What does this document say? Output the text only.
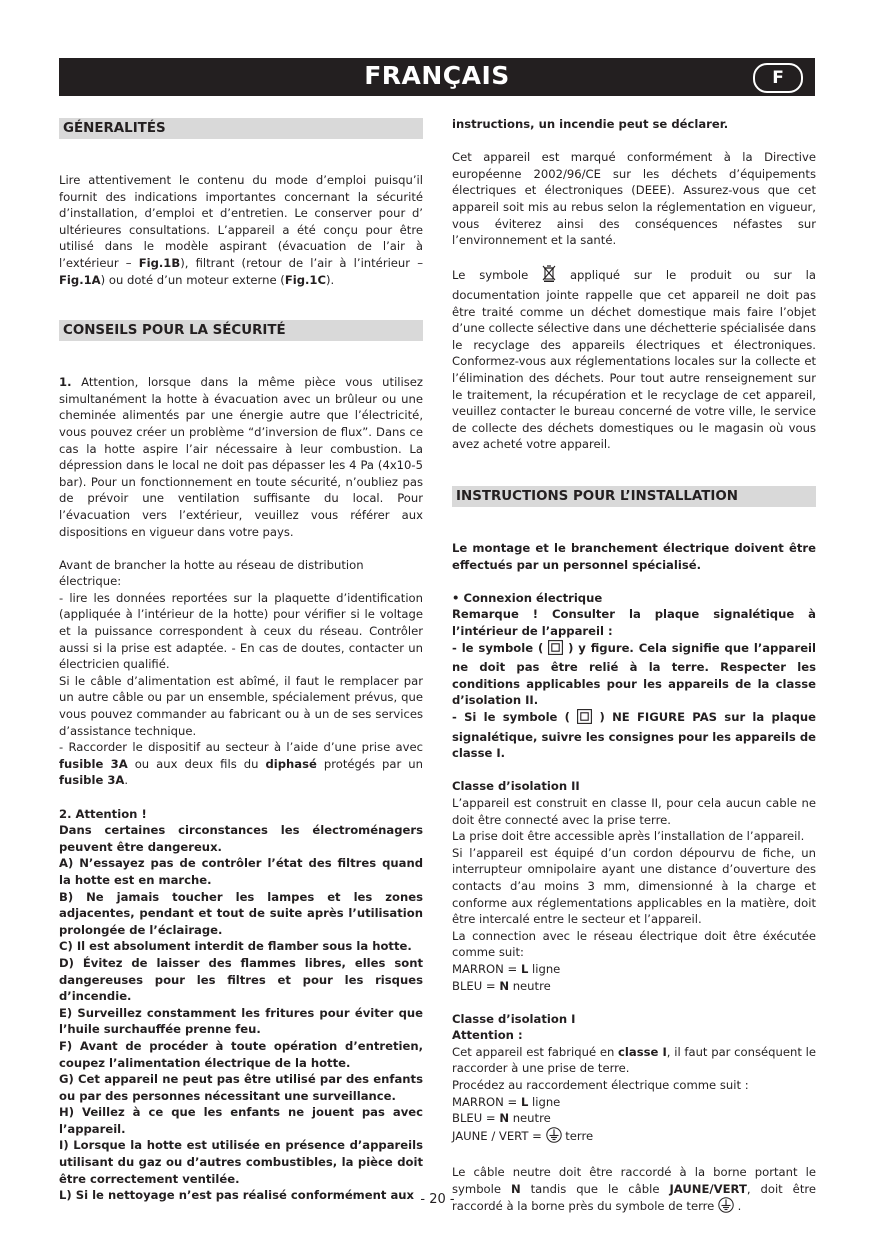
FRANÇAIS	F
GÉNERALITÉS

Lire attentivement le contenu du mode d’emploi puisqu’il fournit des indications importantes concernant la sécurité d’installation, d’emploi et d’entretien. Le conserver pour d’ ultérieures consultations. L’appareil a été conçu pour être utilisé dans le modèle aspirant (évacuation de l’air à l’extérieur – Fig.1B), filtrant (retour de l’air à l’intérieur – Fig.1A) ou doté d’un moteur externe (Fig.1C).

CONSEILS POUR LA SÉCURITÉ

1. Attention, lorsque dans la même pièce vous utilisez simultanément la hotte à évacuation avec un brûleur ou une cheminée alimentés par une énergie autre que l’électricité, vous pouvez créer un problème “d’inversion de flux”. Dans ce cas la hotte aspire l’air nécessaire à leur combustion. La dépression dans le local ne doit pas dépasser les 4 Pa (4x10-5 bar). Pour un fonctionnement en toute sécurité, n’oubliez pas de prévoir une ventilation suffisante du local. Pour l’évacuation vers l’extérieur, veuillez vous référer aux dispositions en vigueur dans votre pays.

Avant de brancher la hotte au réseau de distribution électrique:

- lire les données reportées sur la plaquette d’identification (appliquée à l’intérieur de la hotte) pour vérifier si le voltage et la puissance correspondent à ceux du réseau. Contrôler aussi si la prise est adaptée. - En cas de doutes, contacter un électricien qualifié.

Si le câble d’alimentation est abîmé, il faut le remplacer par un autre câble ou par un ensemble, spécialement prévus, que vous pouvez commander au fabricant ou à un de ses services d’assistance technique.

- Raccorder le dispositif au secteur à l’aide d’une prise avec fusible 3A ou aux deux fils du diphasé protégés par un fusible 3A.

2. Attention !

Dans certaines circonstances les électroménagers peuvent être dangereux.

A) N’essayez pas de contrôler l’état des filtres quand la hotte est en marche.

B) Ne jamais toucher les lampes et les zones adjacentes, pendant et tout de suite après l’utilisation prolongée de l’éclairage.

C) Il est absolument interdit de flamber sous la hotte.

D) Évitez de laisser des flammes libres, elles sont dangereuses pour les filtres et pour les risques d’incendie.

E) Surveillez constamment les fritures pour éviter que l’huile surchauffée prenne feu.

F) Avant de procéder à toute opération d’entretien, coupez l’alimentation électrique de la hotte.

G) Cet appareil ne peut pas être utilisé par des enfants ou par des personnes nécessitant une surveillance.

H) Veillez à ce que les enfants ne jouent pas avec l’appareil.

I) Lorsque la hotte est utilisée en présence d’appareils utilisant du gaz ou d’autres combustibles, la pièce doit être correctement ventilée.

L) Si le nettoyage n’est pas réalisé conformément aux

instructions, un incendie peut se déclarer.

Cet appareil est marqué conformément à la Directive européenne 2002/96/CE sur les déchets d’équipements électriques et électroniques (DEEE). Assurez-vous que cet appareil soit mis au rebus selon la réglementation en vigueur, vous éviterez ainsi des conséquences néfastes sur l’environnement et la santé.

Le symbole  appliqué sur le produit ou sur la documentation jointe rappelle que cet appareil ne doit pas être traité comme un déchet domestique mais faire l’objet d’une collecte sélective dans une déchetterie spécialisée dans le recyclage des appareils électriques et électroniques. Conformez-vous aux réglementations locales sur la collecte et l’élimination des déchets. Pour tout autre renseignement sur le traitement, la récupération et le recyclage de cet appareil, veuillez contacter le bureau concerné de votre ville, le service de collecte des déchets domestiques ou le magasin où vous avez acheté votre appareil.

INSTRUCTIONS POUR L’INSTALLATION

Le montage et le branchement électrique doivent être effectués par un personnel spécialisé.

• Connexion électrique

Remarque ! Consulter la plaque signalétique à l’intérieur de l’appareil :

- le symbole (  ) y figure. Cela signifie que l’appareil ne doit pas être relié à la terre. Respecter les conditions applicables pour les appareils de la classe d’isolation II.

- Si le symbole (  ) NE FIGURE PAS sur la plaque signalétique, suivre les consignes pour les appareils de classe I.

Classe d’isolation II

L’appareil est construit en classe II, pour cela aucun cable ne doit être connecté avec la prise terre.

La prise doit être accessible après l’installation de l’appareil.

Si l’appareil est équipé d’un cordon dépourvu de fiche, un interrupteur omnipolaire ayant une distance d’ouverture des contacts d’au moins 3 mm, dimensionné à la charge et conforme aux réglementations applicables en la matière, doit être intercalé entre le secteur et l’appareil.

La connection avec le réseau électrique doit être éxécutée comme suit:

MARRON = L ligne

BLEU = N neutre

Classe d’isolation I

Attention :

Cet appareil est fabriqué en classe I, il faut par conséquent le raccorder à une prise de terre.

Procédez au raccordement électrique comme suit :

MARRON = L ligne

BLEU = N neutre

JAUNE / VERT =  terre

Le câble neutre doit être raccordé à la borne portant le symbole N tandis que le câble JAUNE/VERT, doit être raccordé à la borne près du symbole de terre  .

- 20 -
